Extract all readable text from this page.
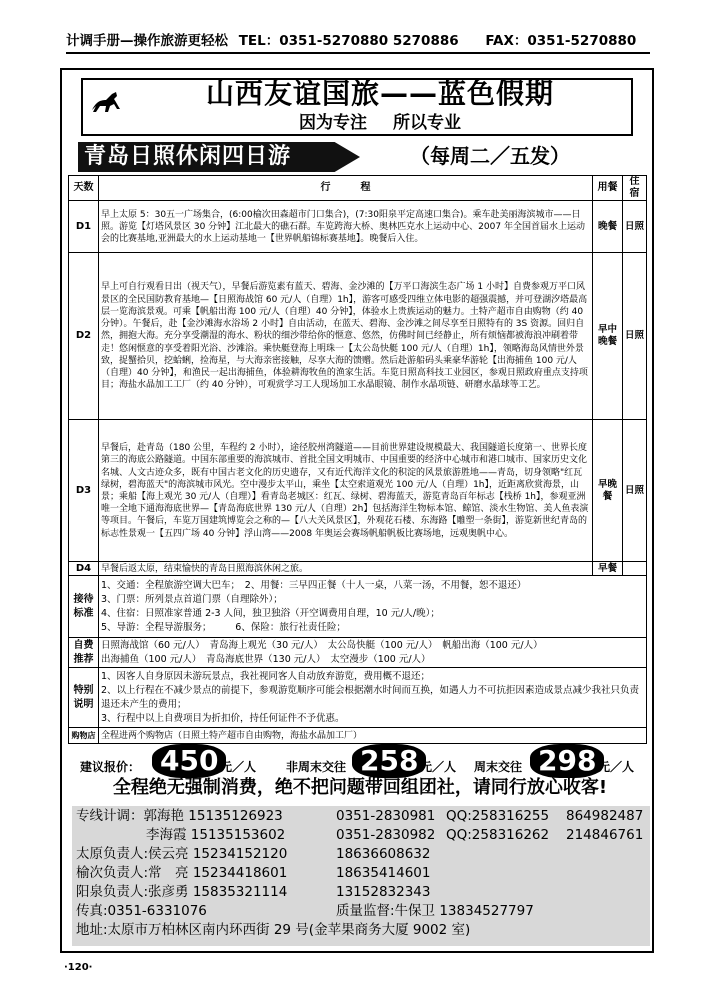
计调手册—操作旅游更轻松 TEL：0351-5270880 5270886 FAX：0351-5270880
山西友谊国旅——蓝色假期
因为专注 所以专业
青岛日照休闲四日游	（每周二／五发）
天数	行　　　程	用餐	住宿
D1	早上太原 5：30五一广场集合，(6:00榆次田森超市门口集合)，(7:30阳泉平定高速口集合)。乘车赴美丽海滨城市——日照。游览【灯塔风景区 30 分钟】江北最大的礁石群。车览跨海大桥、奥林匹克水上运动中心、2007 年全国首届水上运动会的比赛基地,亚洲最大的水上运动基地一【世界帆船锦标赛基地】。晚餐后入住。	晚餐	日照
D2	早上可自行观看日出（视天气），早餐后游览素有蓝天、碧海、金沙滩的【万平口海滨生态广场 1 小时】自费参观万平口风景区的全民国防教育基地—【日照海战馆 60 元/人（自理）1h】，游客可感受四维立体电影的超强震撼，并可登湖汐塔最高层一览海滨景观。可乘【帆船出海 100 元/人（自理）40 分钟】，体验水上贵族运动的魅力。土特产超市自由购物（约 40 分钟）。午餐后，赴【金沙滩海水浴场 2 小时】自由活动，在蓝天、碧海、金沙滩之间尽享至日照特有的 3S 资源。回归自然，拥抱大海。充分享受潮湿的海水、粉状的细沙带给你的惬意、悠然，仿佛时间已经静止，所有烦恼都被海浪冲刷着带走！悠闲惬意的享受着阳光浴、沙滩浴。乘快艇登海上明珠一【太公岛快艇 100 元/人（自理）1h】，领略海岛风情世外景致，捉蟹拾贝，挖蛤蜊，捡海星，与大海亲密接触，尽享大海的馈赠。然后赴游船码头乘豪华游轮【出海捕鱼 100 元/人（自理）40 分钟】，和渔民一起出海捕鱼，体验耕海牧鱼的渔家生活。车览日照高科技工业园区，参观日照政府重点支持项目；海盐水晶加工工厂（约 40 分钟），可观赏学习工人现场加工水晶眼镜、制作水晶项链、研磨水晶球等工艺。	早中晚餐	日照
D3	早餐后，赴青岛（180 公里，车程约 2 小时），途径胶州湾隧道——目前世界建设规模最大、我国隧道长度第一、世界长度第三的海底公路隧道。中国东部重要的海滨城市、首批全国文明城市、中国重要的经济中心城市和港口城市、国家历史文化名城、人文古迹众多，既有中国古老文化的历史遗存，又有近代海洋文化的积淀的风景旅游胜地——青岛，切身领略"红瓦绿树，碧海蓝天"的海滨城市风光。空中漫步太平山，乘坐【太空索道观光 100 元/人（自理）1h】，近距离欣赏海景，山景；乘船【海上观光 30 元/人（自理）】看青岛老城区：红瓦、绿树、碧海蓝天，游览青岛百年标志【栈桥 1h】，参观亚洲唯一全地下通海海底世界—【青岛海底世界 130 元/人（自理）2h】包括海洋生物标本馆、鲸馆、淡水生物馆、美人鱼表演等项目。午餐后，车览万国建筑博览会之称的—【八大关风景区】，外观花石楼、东海路【雕塑一条街】，游览新世纪青岛的标志性景观一【五四广场 40 分钟】浮山湾——2008 年奥运会赛场帆船帆板比赛场地，远观奥帆中心。	早晚餐	日照
D4	早餐后返太原，结束愉快的青岛日照海滨休闲之旅。	早餐	
接待标准	1、交通：全程旅游空调大巴车；　2、用餐：三早四正餐（十人一桌，八菜一汤，不用餐，恕不退还）
3、门票：所列景点首道门票（自理除外）；
4、住宿：日照准家普通 2-3 人间，独卫独浴（开空调费用自理，10 元/人/晚）；
5、导游：全程导游服务；　　　6、保险：旅行社责任险；		

自费推荐	日照海战馆（60 元/人）　青岛海上观光（30 元/人）　太公岛快艇（100 元/人）　帆船出海（100 元/人）
出海捕鱼（100 元/人）　青岛海底世界（130 元/人）　太空漫步（100 元/人）		

特别说明	1、因客人自身原因未游玩景点，我社视同客人自动放弃游览，费用概不退还；
2、以上行程在不减少景点的前提下，参观游览顺序可能会根据潮水时间而互换，如遇人力不可抗拒因素造成景点减少我社只负责退还未产生的费用；
3、行程中以上自费项目为折扣价，持任何证件不予优惠。		

购物店	全程进两个购物店（日照土特产超市自由购物，海盐水晶加工厂）		
建议报价： 450 元／人 非周末交往 258 元／人 周末交往 298 元／人
全程绝无强制消费，绝不把问题带回组团社，请同行放心收客!
专线计调：郭海艳 15135126923	0351-2830981 QQ:258316255 864982487
李海霞 15135153602	0351-2830982 QQ:258316262 214846761
太原负责人:侯云亮 15234152120	18636608632
榆次负责人:常　亮 15234418601	18635414601
阳泉负责人:张彦勇 15835321114	13152832343
传真:0351-6331076	质量监督:牛保卫 13834527797
地址:太原市万柏林区南内环西街 29 号(金苹果商务大厦 9002 室)
·120·
